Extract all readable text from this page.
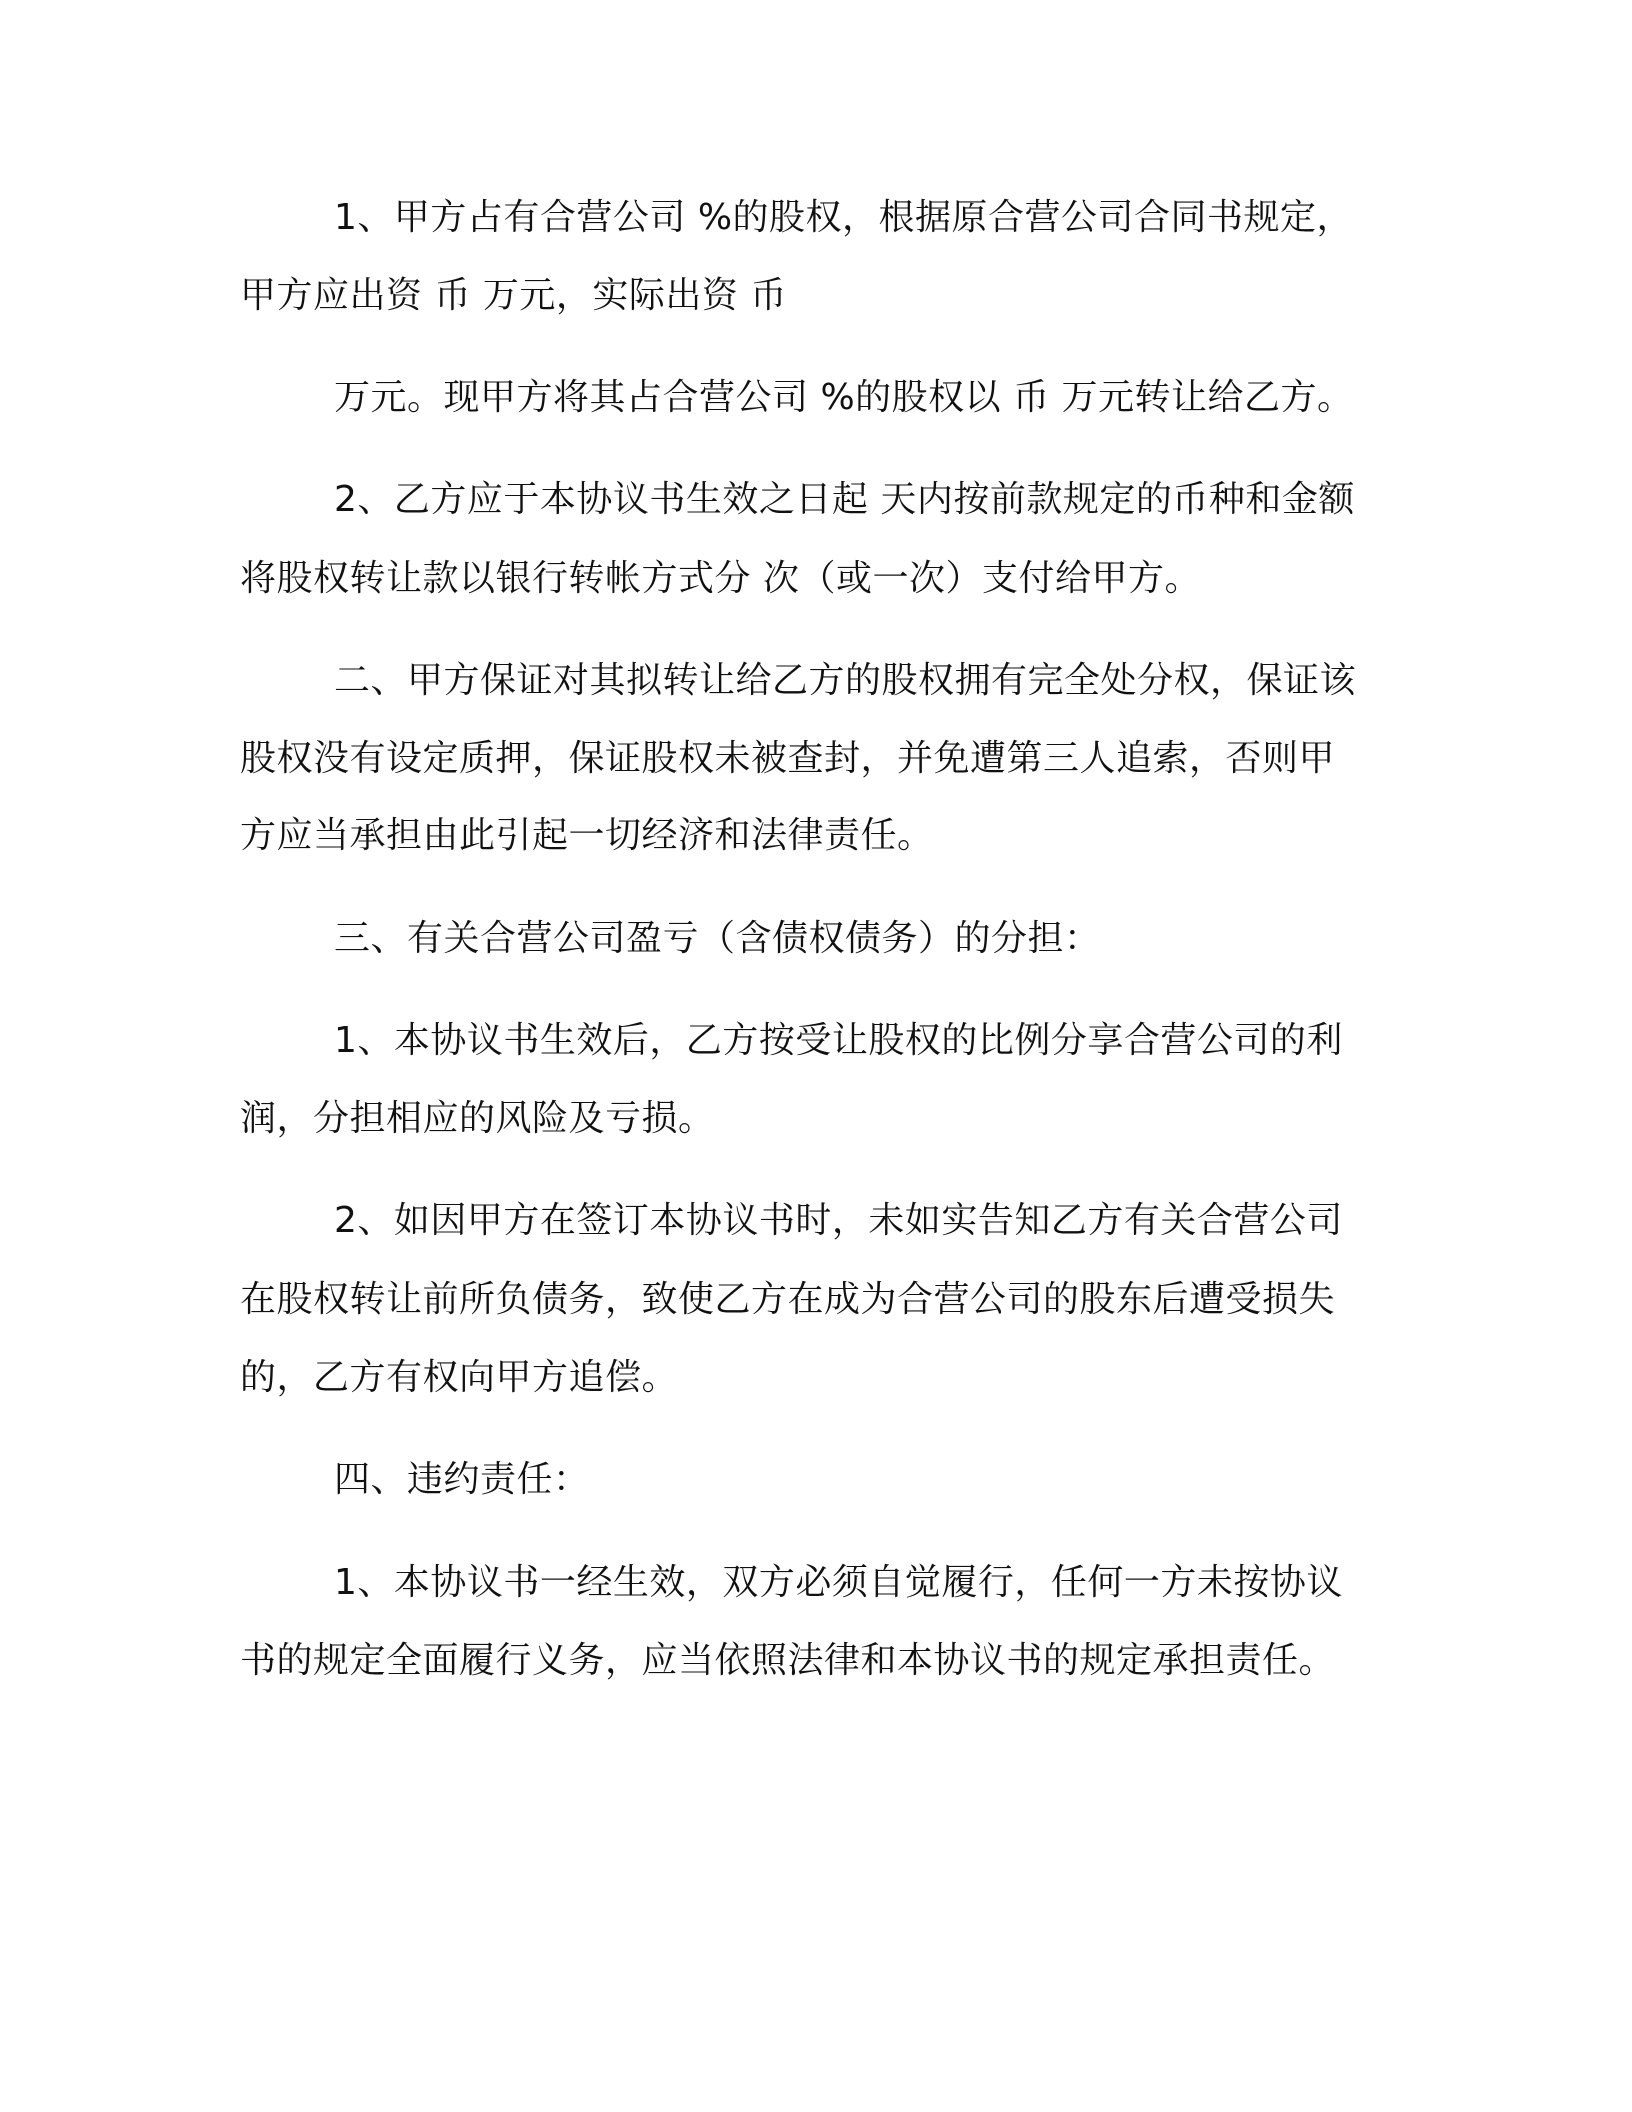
1、甲方占有合营公司 %的股权，根据原合营公司合同书规定，
甲方应出资 币 万元，实际出资 币
万元。现甲方将其占合营公司 %的股权以 币 万元转让给乙方。
2、乙方应于本协议书生效之日起 天内按前款规定的币种和金额
将股权转让款以银行转帐方式分 次（或一次）支付给甲方。
二、甲方保证对其拟转让给乙方的股权拥有完全处分权，保证该
股权没有设定质押，保证股权未被查封，并免遭第三人追索，否则甲
方应当承担由此引起一切经济和法律责任。
三、有关合营公司盈亏（含债权债务）的分担：
1、本协议书生效后，乙方按受让股权的比例分享合营公司的利
润，分担相应的风险及亏损。
2、如因甲方在签订本协议书时，未如实告知乙方有关合营公司
在股权转让前所负债务，致使乙方在成为合营公司的股东后遭受损失
的，乙方有权向甲方追偿。
四、违约责任：
1、本协议书一经生效，双方必须自觉履行，任何一方未按协议
书的规定全面履行义务，应当依照法律和本协议书的规定承担责任。
